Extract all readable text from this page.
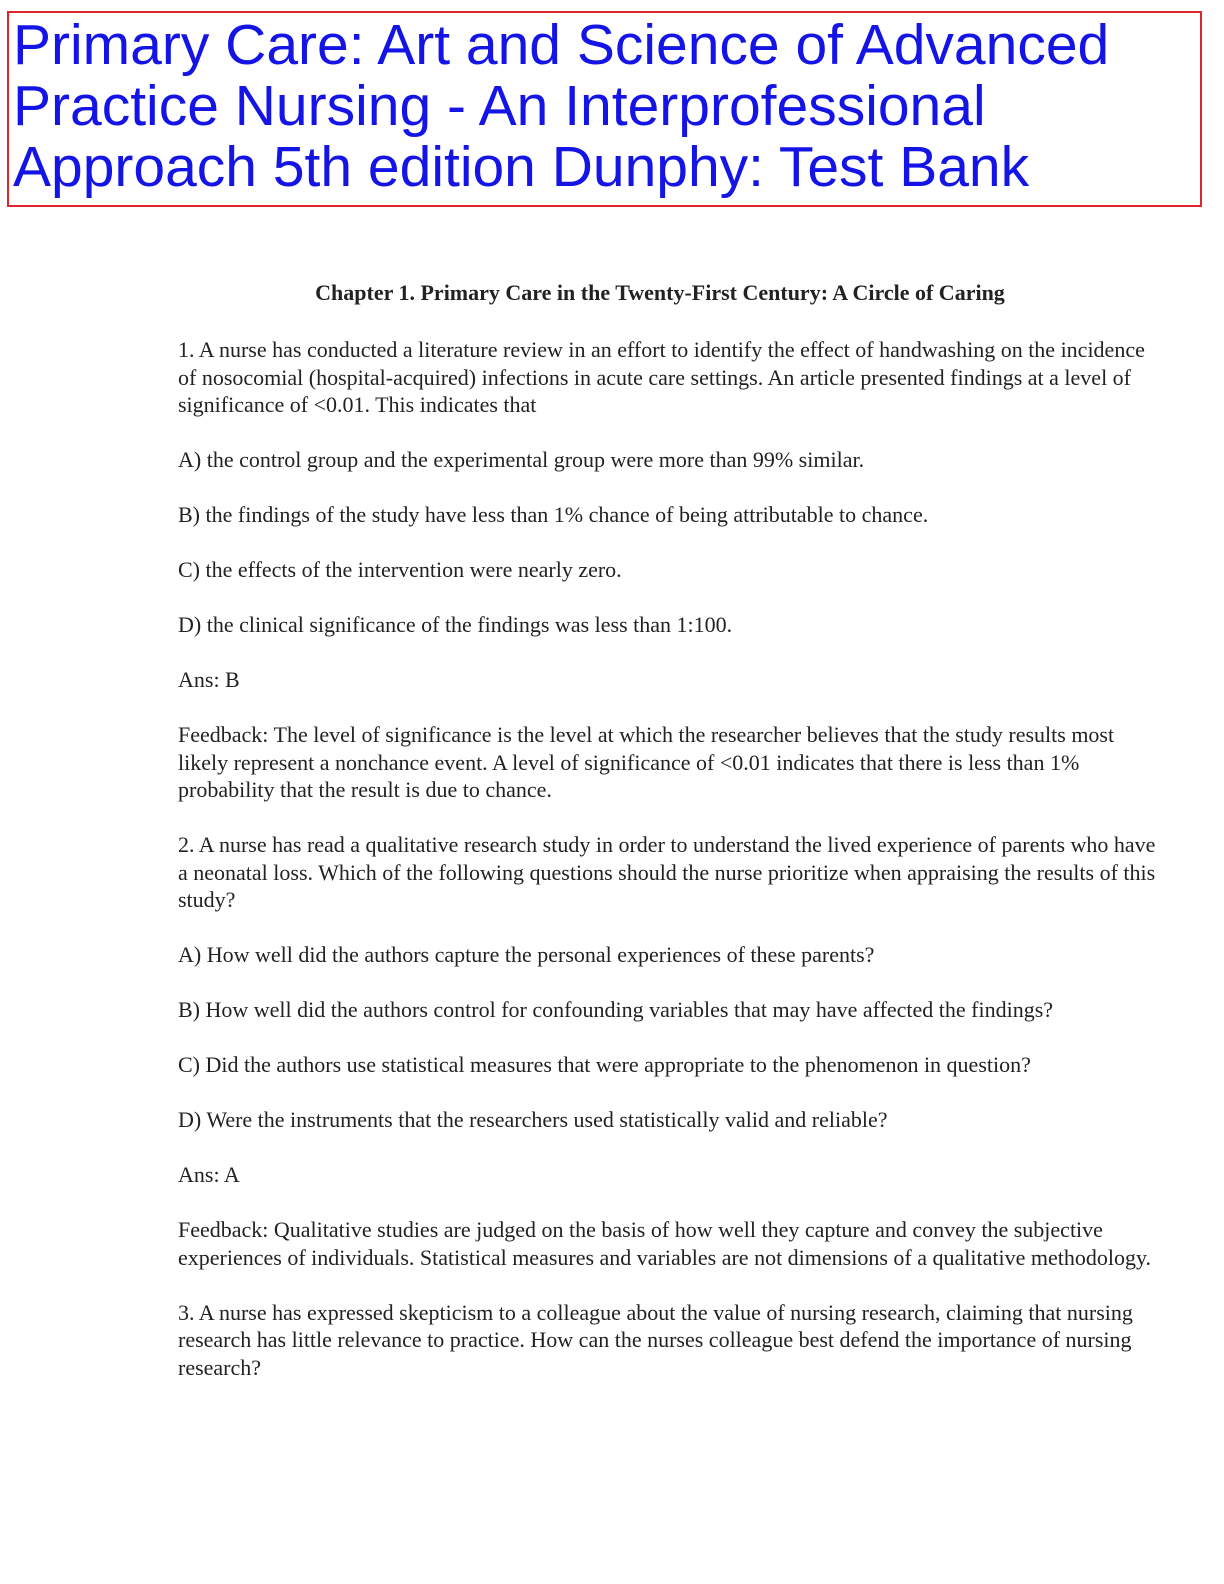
Primary Care: Art and Science of Advanced
Practice Nursing - An Interprofessional
Approach 5th edition Dunphy: Test Bank
Chapter 1. Primary Care in the Twenty-First Century: A Circle of Caring

1. A nurse has conducted a literature review in an effort to identify the effect of handwashing on the incidence of nosocomial (hospital-acquired) infections in acute care settings. An article presented findings at a level of significance of <0.01. This indicates that

A) the control group and the experimental group were more than 99% similar.

B) the findings of the study have less than 1% chance of being attributable to chance.

C) the effects of the intervention were nearly zero.

D) the clinical significance of the findings was less than 1:100.

Ans: B

Feedback: The level of significance is the level at which the researcher believes that the study results most likely represent a nonchance event. A level of significance of <0.01 indicates that there is less than 1% probability that the result is due to chance.

2. A nurse has read a qualitative research study in order to understand the lived experience of parents who have a neonatal loss. Which of the following questions should the nurse prioritize when appraising the results of this study?

A) How well did the authors capture the personal experiences of these parents?

B) How well did the authors control for confounding variables that may have affected the findings?

C) Did the authors use statistical measures that were appropriate to the phenomenon in question?

D) Were the instruments that the researchers used statistically valid and reliable?

Ans: A

Feedback: Qualitative studies are judged on the basis of how well they capture and convey the subjective experiences of individuals. Statistical measures and variables are not dimensions of a qualitative methodology.

3. A nurse has expressed skepticism to a colleague about the value of nursing research, claiming that nursing research has little relevance to practice. How can the nurses colleague best defend the importance of nursing research?
